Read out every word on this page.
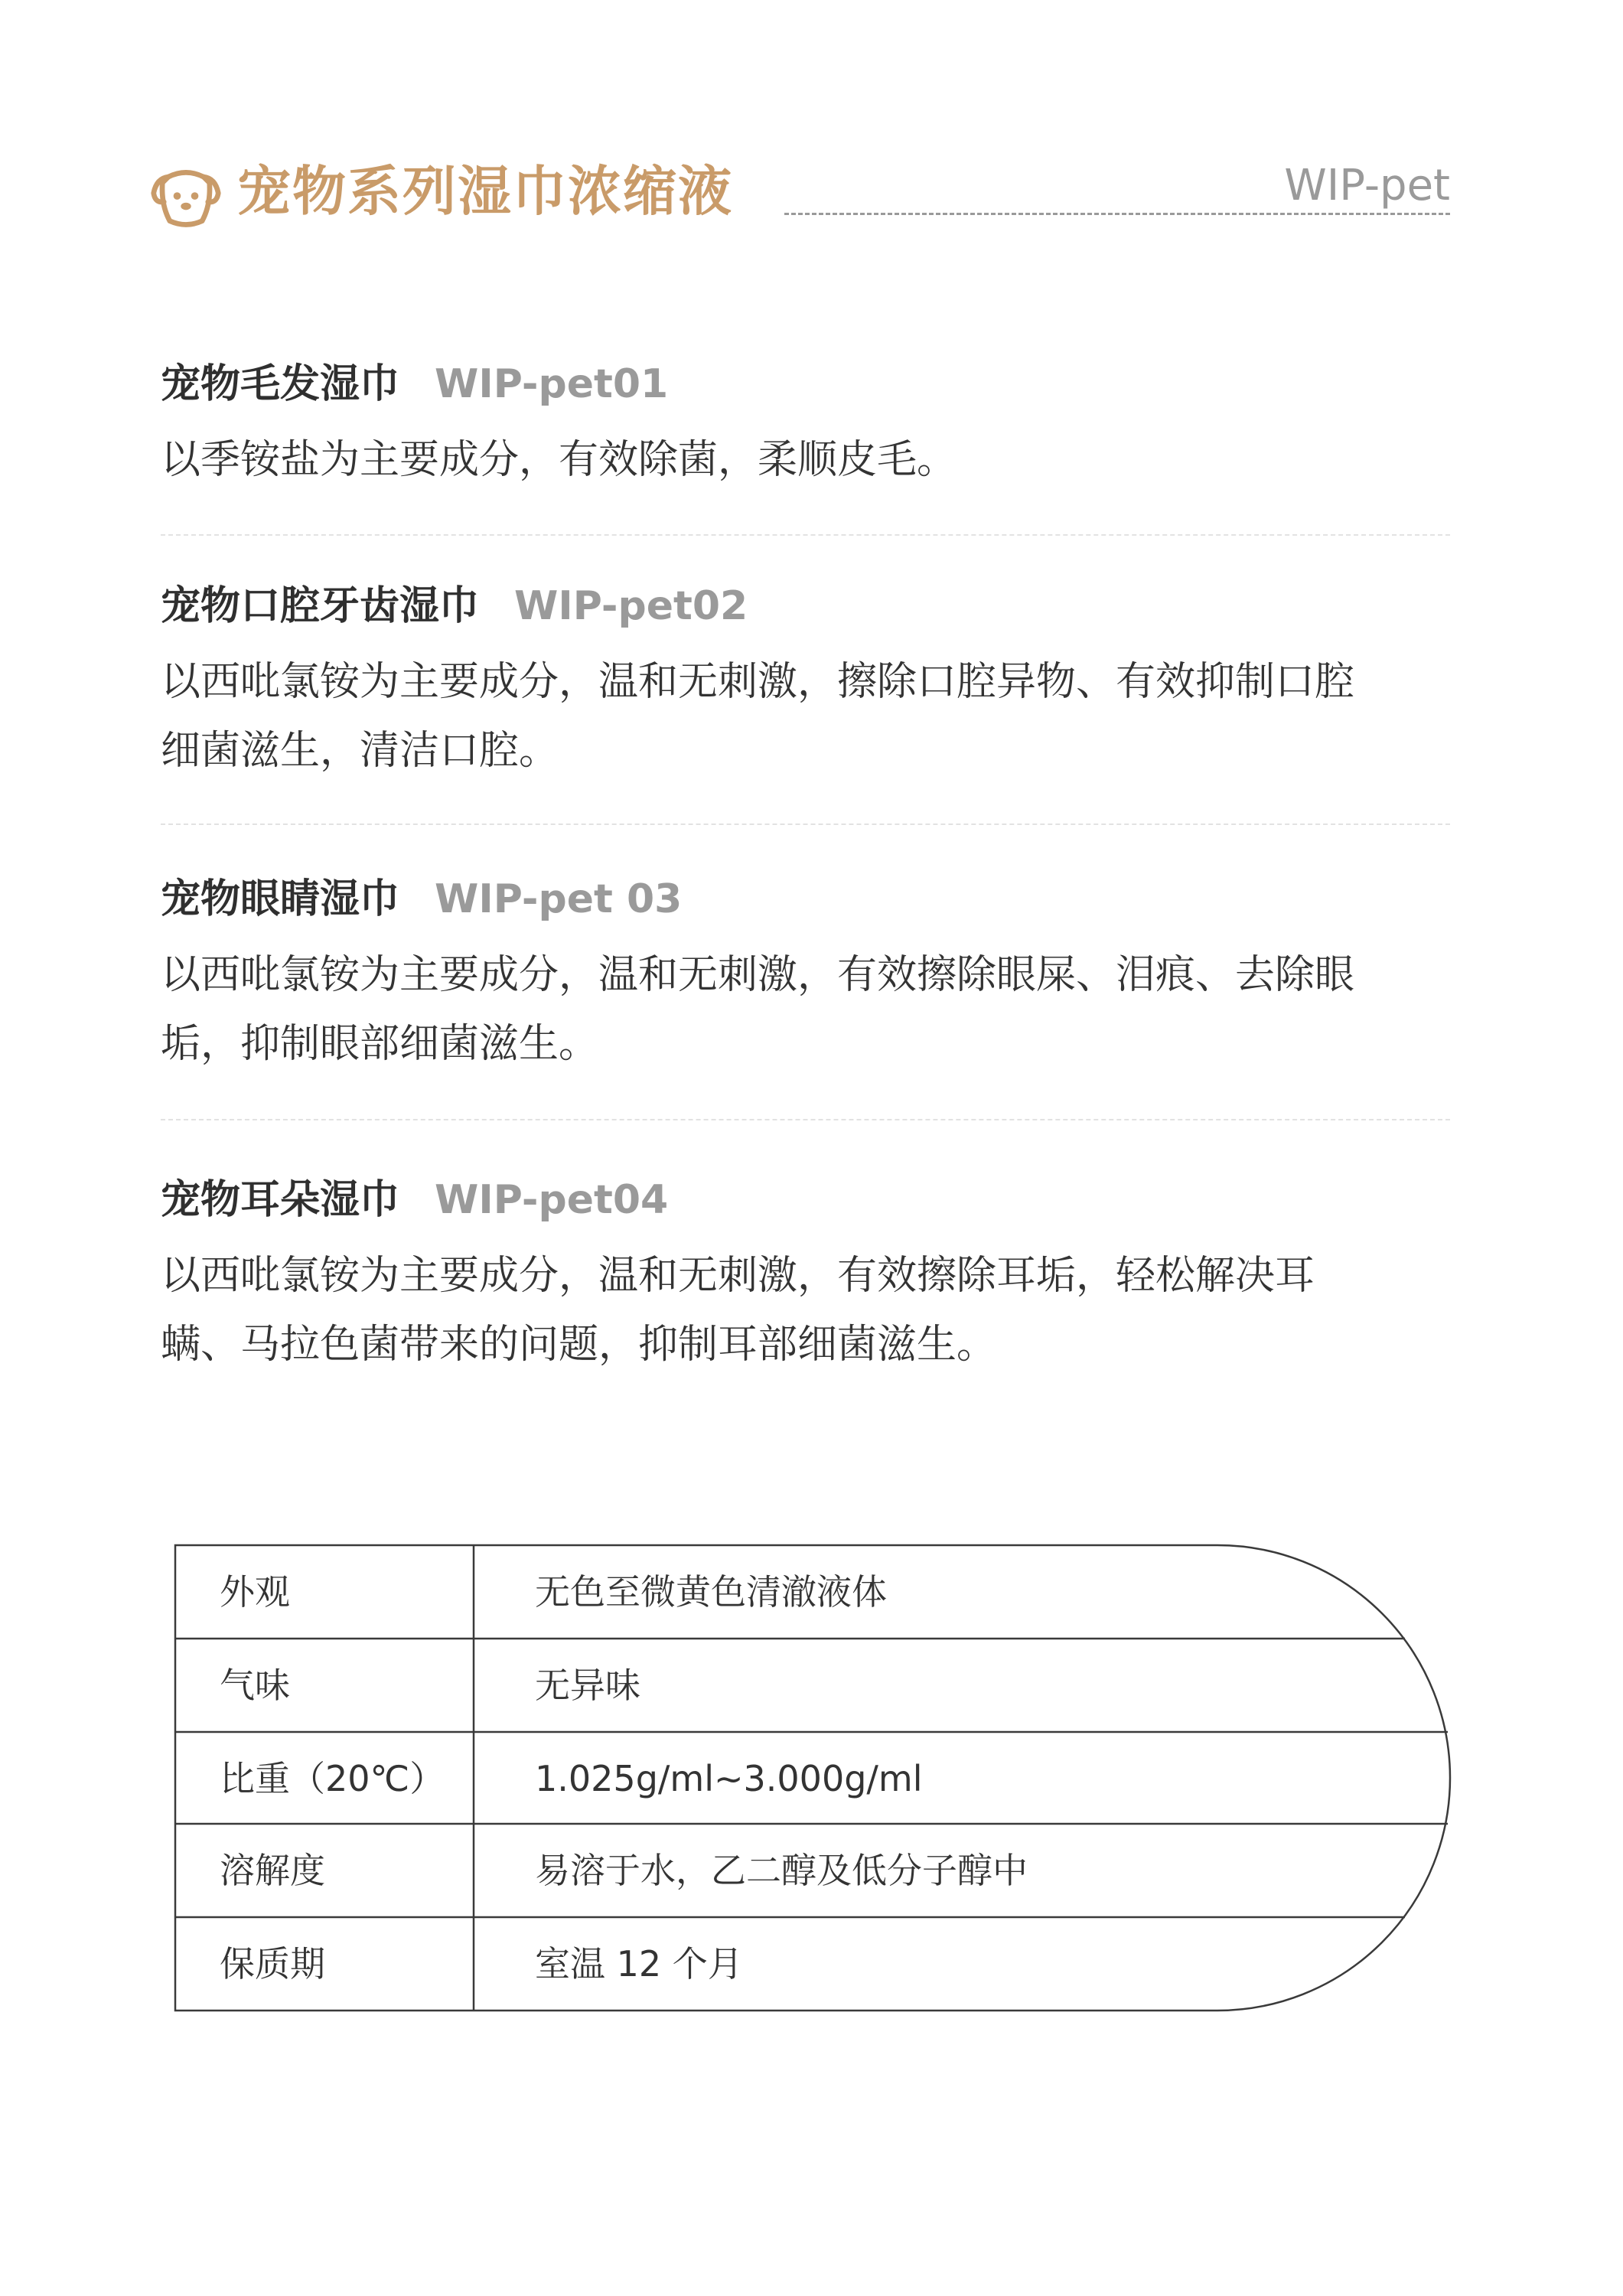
宠物系列湿巾浓缩液	WIP-pet
宠物毛发湿巾 WIP-pet01
以季铵盐为主要成分，有效除菌，柔顺皮毛。
宠物口腔牙齿湿巾 WIP-pet02
以西吡氯铵为主要成分，温和无刺激，擦除口腔异物、有效抑制口腔
细菌滋生，清洁口腔。
宠物眼睛湿巾 WIP-pet 03
以西吡氯铵为主要成分，温和无刺激，有效擦除眼屎、泪痕、去除眼
垢，抑制眼部细菌滋生。
宠物耳朵湿巾 WIP-pet04
以西吡氯铵为主要成分，温和无刺激，有效擦除耳垢，轻松解决耳
螨、马拉色菌带来的问题，抑制耳部细菌滋生。
外观	无色至微黄色清澈液体
气味	无异味
比重（20℃）	1.025g/ml~3.000g/ml
溶解度	易溶于水，乙二醇及低分子醇中
保质期	室温 12 个月
